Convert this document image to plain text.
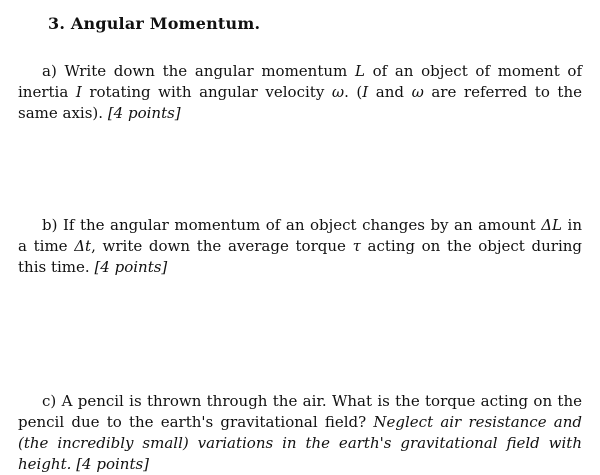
3. Angular Momentum.
a) Write down the angular momentum L of an object of moment of inertia I rotating with angular velocity ω. (I and ω are referred to the same axis). [4 points]
b) If the angular momentum of an object changes by an amount ΔL in a time Δt, write down the average torque τ acting on the object during this time. [4 points]
c) A pencil is thrown through the air. What is the torque acting on the pencil due to the earth's gravitational field? Neglect air resistance and (the incredibly small) variations in the earth's gravitational field with height. [4 points]
